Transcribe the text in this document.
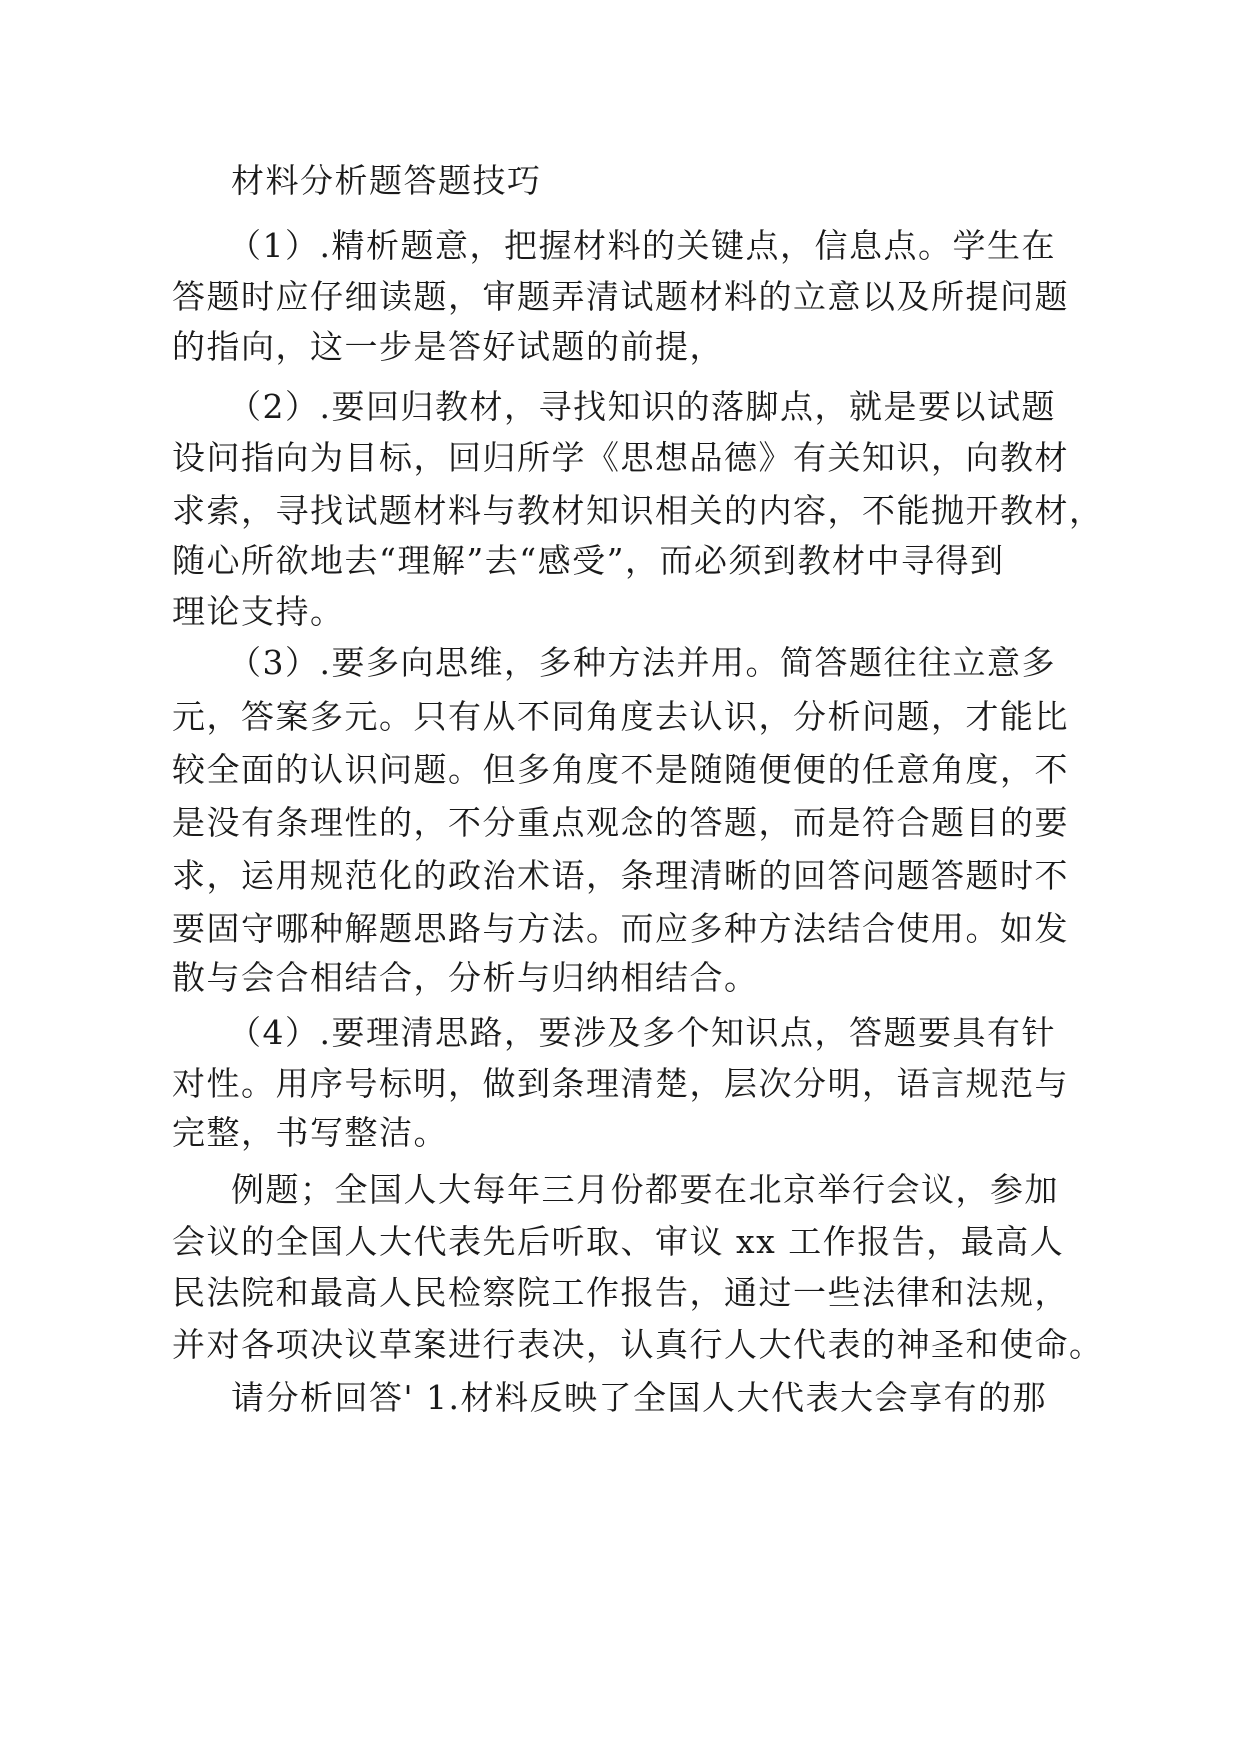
材料分析题答题技巧
（1）.精析题意，把握材料的关键点，信息点。学生在
答题时应仔细读题，审题弄清试题材料的立意以及所提问题
的指向，这一步是答好试题的前提，
（2）.要回归教材，寻找知识的落脚点，就是要以试题
设问指向为目标，回归所学《思想品德》有关知识，向教材
求索，寻找试题材料与教材知识相关的内容，不能抛开教材，
随心所欲地去“理解”去“感受”，而必须到教材中寻得到
理论支持。
（3）.要多向思维，多种方法并用。简答题往往立意多
元，答案多元。只有从不同角度去认识，分析问题，才能比
较全面的认识问题。但多角度不是随随便便的任意角度，不
是没有条理性的，不分重点观念的答题，而是符合题目的要
求，运用规范化的政治术语，条理清晰的回答问题答题时不
要固守哪种解题思路与方法。而应多种方法结合使用。如发
散与会合相结合，分析与归纳相结合。
（4）.要理清思路，要涉及多个知识点，答题要具有针
对性。用序号标明，做到条理清楚，层次分明，语言规范与
完整，书写整洁。
例题；全国人大每年三月份都要在北京举行会议，参加
会议的全国人大代表先后听取、审议 xx 工作报告，最高人
民法院和最高人民检察院工作报告，通过一些法律和法规，
并对各项决议草案进行表决，认真行人大代表的神圣和使命。
请分析回答' 1.材料反映了全国人大代表大会享有的那
